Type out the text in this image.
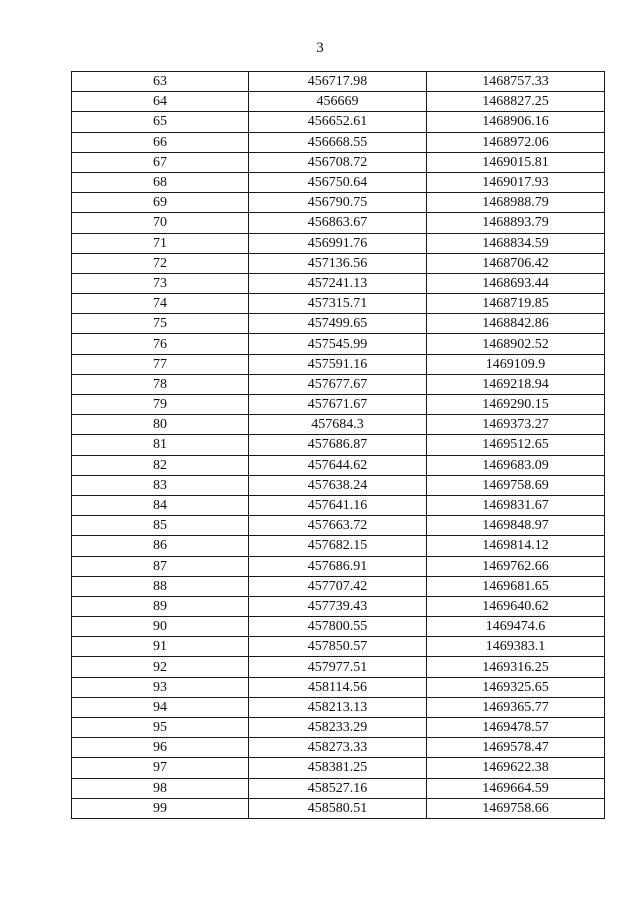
3
63	456717.98	1468757.33
64	456669	1468827.25
65	456652.61	1468906.16
66	456668.55	1468972.06
67	456708.72	1469015.81
68	456750.64	1469017.93
69	456790.75	1468988.79
70	456863.67	1468893.79
71	456991.76	1468834.59
72	457136.56	1468706.42
73	457241.13	1468693.44
74	457315.71	1468719.85
75	457499.65	1468842.86
76	457545.99	1468902.52
77	457591.16	1469109.9
78	457677.67	1469218.94
79	457671.67	1469290.15
80	457684.3	1469373.27
81	457686.87	1469512.65
82	457644.62	1469683.09
83	457638.24	1469758.69
84	457641.16	1469831.67
85	457663.72	1469848.97
86	457682.15	1469814.12
87	457686.91	1469762.66
88	457707.42	1469681.65
89	457739.43	1469640.62
90	457800.55	1469474.6
91	457850.57	1469383.1
92	457977.51	1469316.25
93	458114.56	1469325.65
94	458213.13	1469365.77
95	458233.29	1469478.57
96	458273.33	1469578.47
97	458381.25	1469622.38
98	458527.16	1469664.59
99	458580.51	1469758.66
